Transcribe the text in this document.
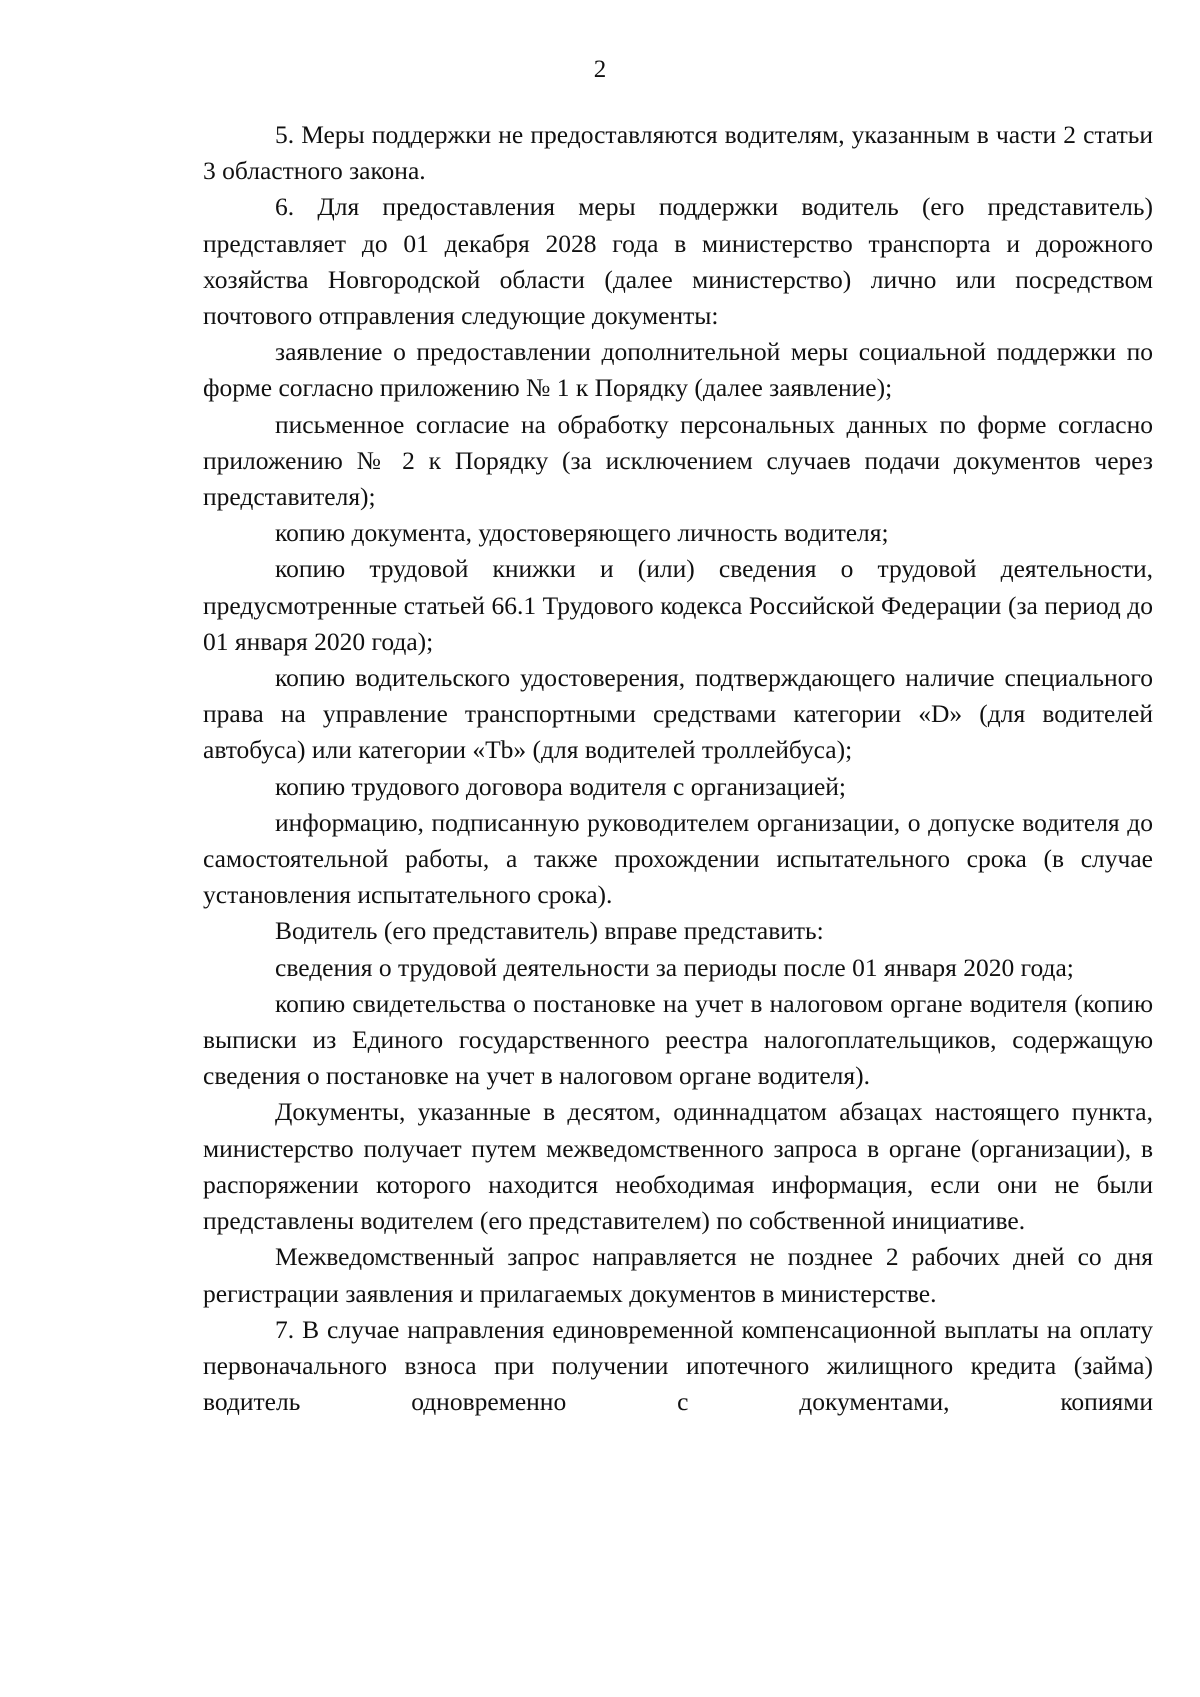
2

5. Меры поддержки не предоставляются водителям, указанным в части 2 статьи 3 областного закона.

6. Для предоставления меры поддержки водитель (его представитель) представляет до 01 декабря 2028 года в министерство транспорта и дорожного хозяйства Новгородской области (далее министерство) лично или посредством почтового отправления следующие документы:

заявление о предоставлении дополнительной меры социальной поддержки по форме согласно приложению № 1 к Порядку (далее заявление);

письменное согласие на обработку персональных данных по форме согласно приложению № 2 к Порядку (за исключением случаев подачи документов через представителя);

копию документа, удостоверяющего личность водителя;

копию трудовой книжки и (или) сведения о трудовой деятельности, предусмотренные статьей 66.1 Трудового кодекса Российской Федерации (за период до 01 января 2020 года);

копию водительского удостоверения, подтверждающего наличие специального права на управление транспортными средствами категории «D» (для водителей автобуса) или категории «Tb» (для водителей троллейбуса);

копию трудового договора водителя с организацией;

информацию, подписанную руководителем организации, о допуске водителя до самостоятельной работы, а также прохождении испытательного срока (в случае установления испытательного срока).

Водитель (его представитель) вправе представить:

сведения о трудовой деятельности за периоды после 01 января 2020 года;

копию свидетельства о постановке на учет в налоговом органе водителя (копию выписки из Единого государственного реестра налогоплательщиков, содержащую сведения о постановке на учет в налоговом органе водителя).

Документы, указанные в десятом, одиннадцатом абзацах настоящего пункта, министерство получает путем межведомственного запроса в органе (организации), в распоряжении которого находится необходимая информация, если они не были представлены водителем (его представителем) по собственной инициативе.

Межведомственный запрос направляется не позднее 2 рабочих дней со дня регистрации заявления и прилагаемых документов в министерстве.

7. В случае направления единовременной компенсационной выплаты на оплату первоначального взноса при получении ипотечного жилищного кредита (займа) водитель одновременно с документами, копиями
